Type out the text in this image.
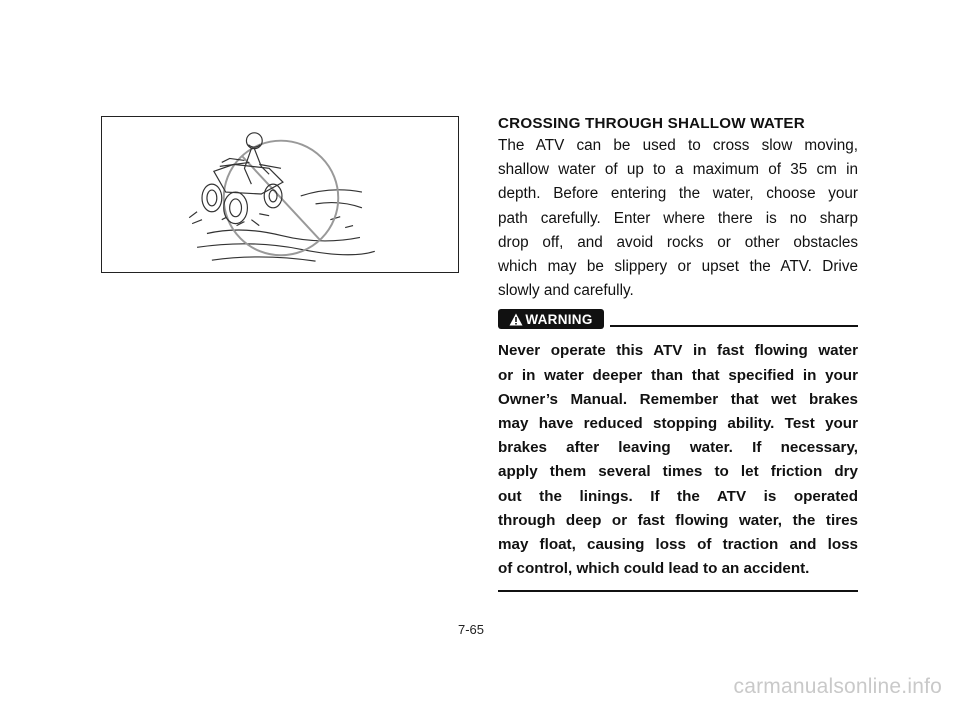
CROSSING THROUGH SHALLOW WATER
The ATV can be used to cross slow moving,
shallow water of up to a maximum of 35 cm in
depth. Before entering the water, choose your
path carefully. Enter where there is no sharp
drop off, and avoid rocks or other obstacles
which may be slippery or upset the ATV. Drive
slowly and carefully.
WARNING
Never operate this ATV in fast flowing water
or in water deeper than that specified in your
Owner’s Manual. Remember that wet brakes
may have reduced stopping ability. Test your
brakes after leaving water. If necessary,
apply them several times to let friction dry
out the linings. If the ATV is operated
through deep or fast flowing water, the tires
may float, causing loss of traction and loss
of control, which could lead to an accident.
7-65
carmanualsonline.info
